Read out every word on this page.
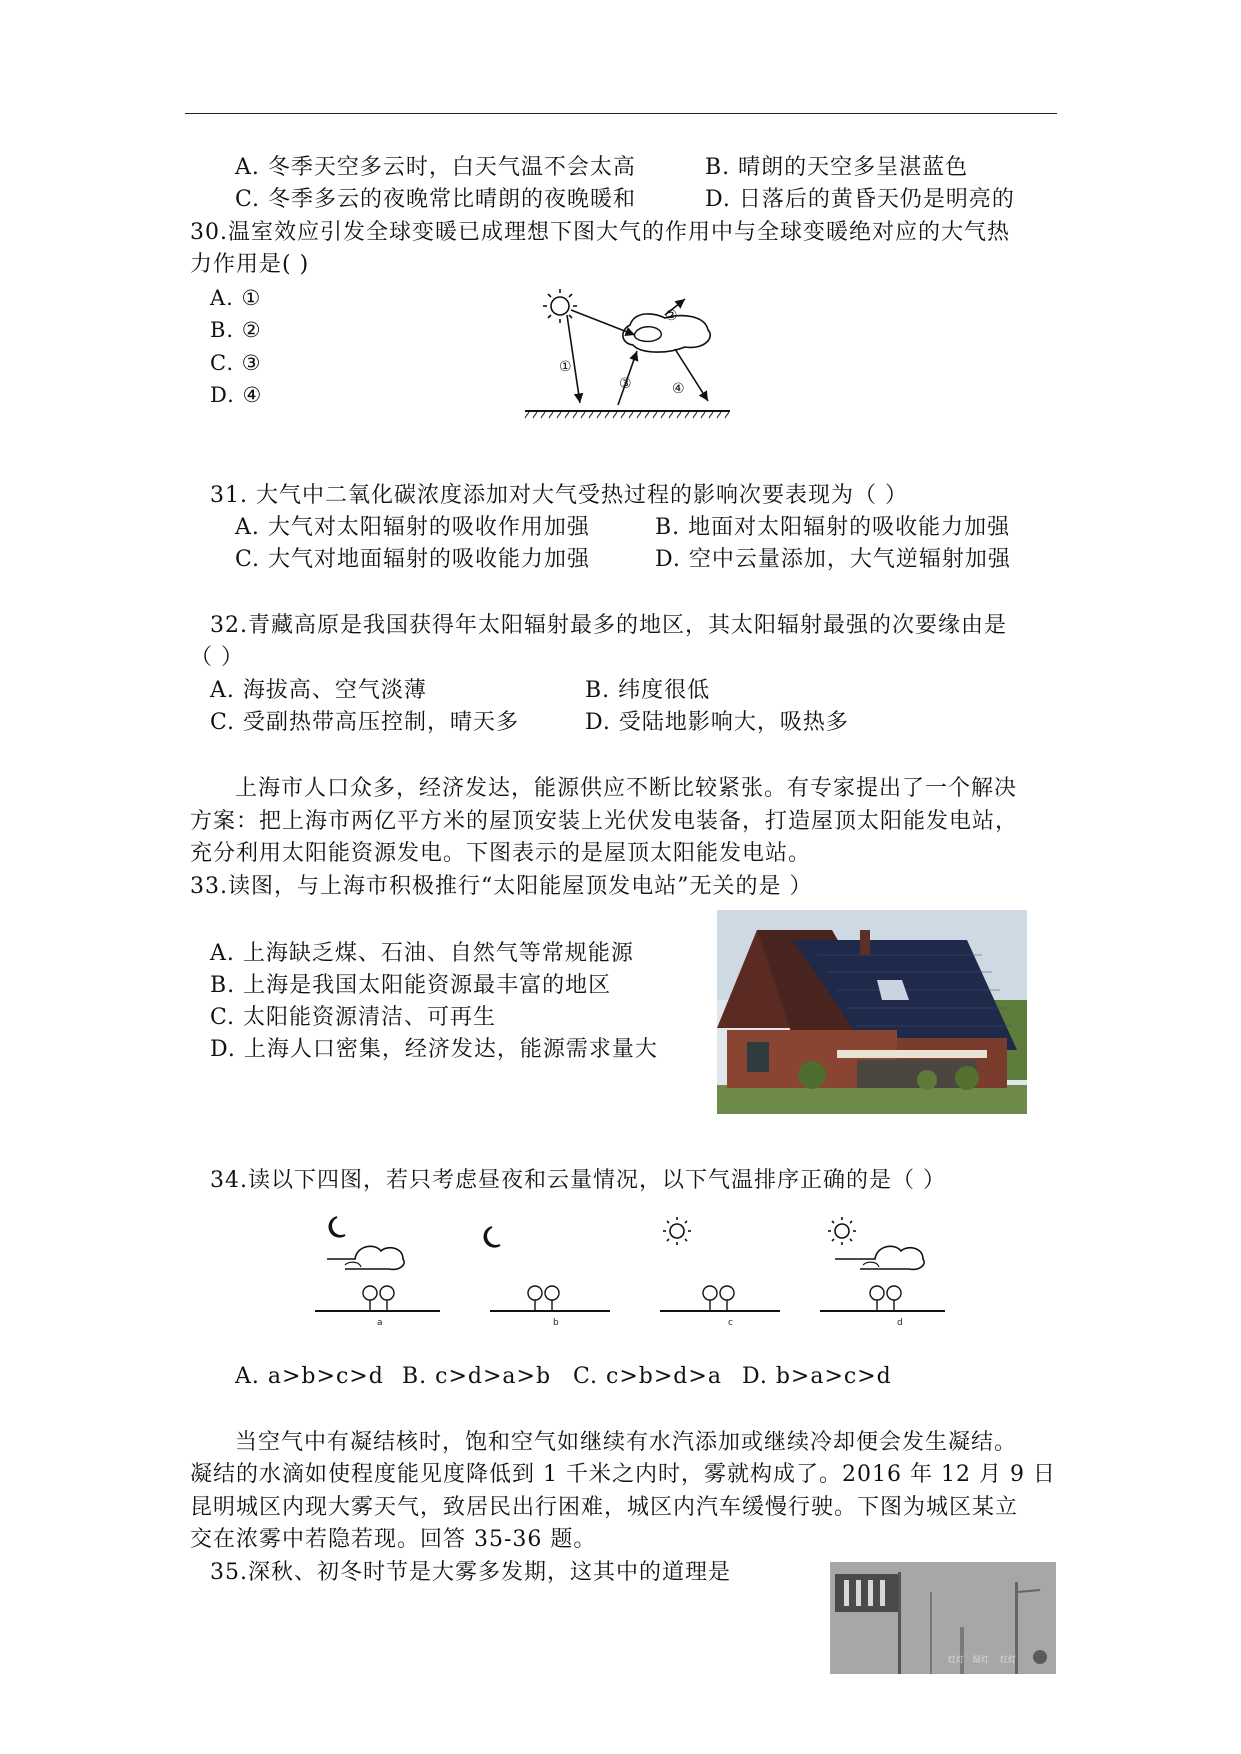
A. 冬季天空多云时，白天气温不会太高	B. 晴朗的天空多呈湛蓝色
C. 冬季多云的夜晚常比晴朗的夜晚暖和	D. 日落后的黄昏天仍是明亮的
30.温室效应引发全球变暖已成理想下图大气的作用中与全球变暖绝对应的大气热
力作用是( )
A. ①
B. ②
C. ③
D. ④
①
②
③	④
31. 大气中二氧化碳浓度添加对大气受热过程的影响次要表现为（ ）
A. 大气对太阳辐射的吸收作用加强	B. 地面对太阳辐射的吸收能力加强
C. 大气对地面辐射的吸收能力加强	D. 空中云量添加，大气逆辐射加强
32.青藏高原是我国获得年太阳辐射最多的地区，其太阳辐射最强的次要缘由是
（ ）
A. 海拔高、空气淡薄	B. 纬度很低
C. 受副热带高压控制，晴天多	D. 受陆地影响大，吸热多
上海市人口众多，经济发达，能源供应不断比较紧张。有专家提出了一个解决
方案：把上海市两亿平方米的屋顶安装上光伏发电装备，打造屋顶太阳能发电站，
充分利用太阳能资源发电。下图表示的是屋顶太阳能发电站。
33.读图，与上海市积极推行“太阳能屋顶发电站”无关的是 ）
A. 上海缺乏煤、石油、自然气等常规能源
B. 上海是我国太阳能资源最丰富的地区
C. 太阳能资源清洁、可再生
D. 上海人口密集，经济发达，能源需求量大
34.读以下四图，若只考虑昼夜和云量情况，以下气温排序正确的是（ ）
a	b	c	d
A. a>b>c>d B. c>d>a>b C. c>b>d>a D. b>a>c>d
当空气中有凝结核时，饱和空气如继续有水汽添加或继续冷却便会发生凝结。
凝结的水滴如使程度能见度降低到 1 千米之内时，雾就构成了。2016 年 12 月 9 日
昆明城区内现大雾天气，致居民出行困难，城区内汽车缓慢行驶。下图为城区某立
交在浓雾中若隐若现。回答 35-36 题。
35.深秋、初冬时节是大雾多发期，这其中的道理是
红灯 绿灯 红灯
